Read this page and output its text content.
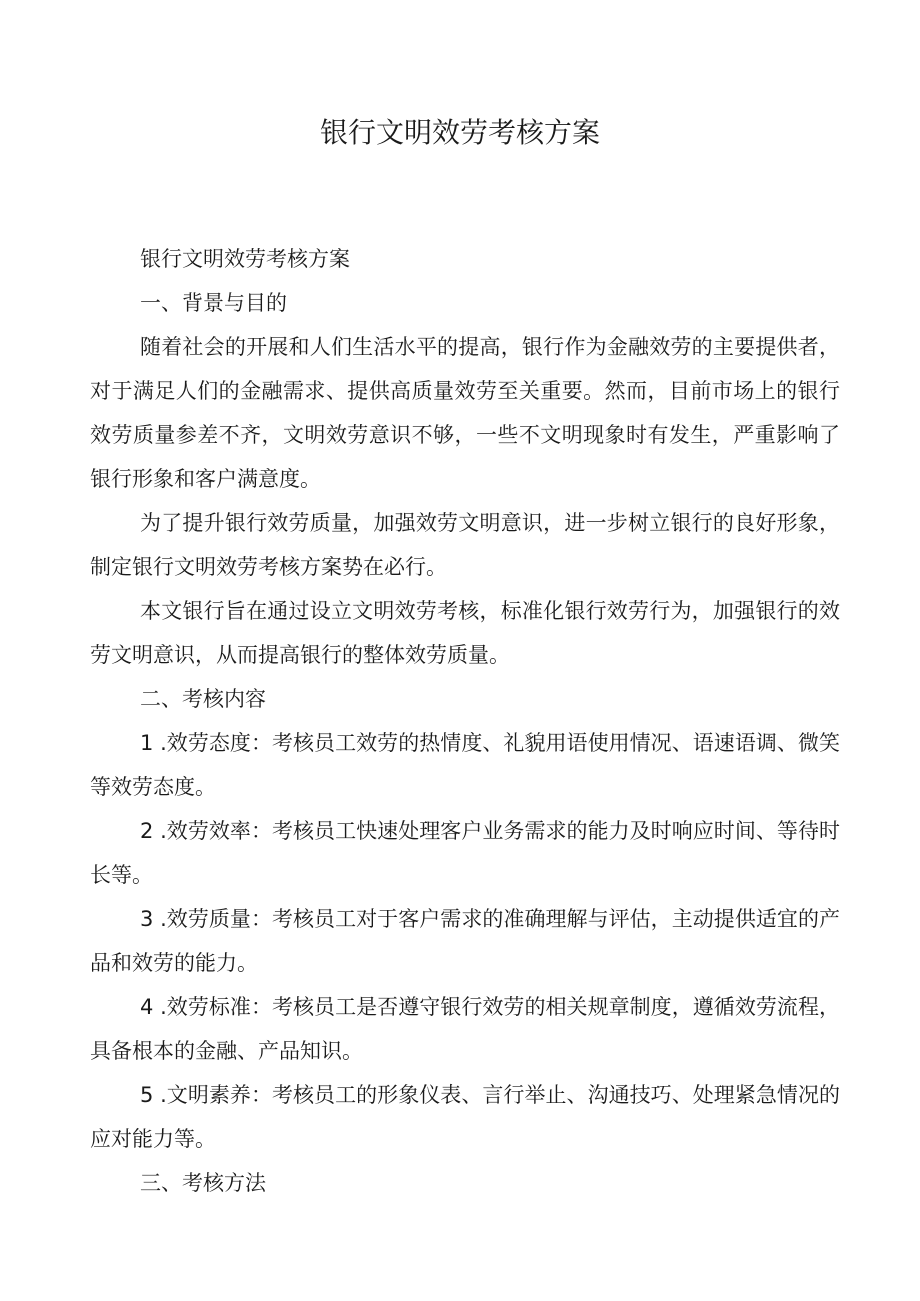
银行文明效劳考核方案

银行文明效劳考核方案

一、背景与目的

随着社会的开展和人们生活水平的提高，银行作为金融效劳的主要提供者，对于满足人们的金融需求、提供高质量效劳至关重要。然而，目前市场上的银行效劳质量参差不齐，文明效劳意识不够，一些不文明现象时有发生，严重影响了银行形象和客户满意度。

为了提升银行效劳质量，加强效劳文明意识，进一步树立银行的良好形象，制定银行文明效劳考核方案势在必行。

本文银行旨在通过设立文明效劳考核，标准化银行效劳行为，加强银行的效劳文明意识，从而提高银行的整体效劳质量。

二、考核内容

1 .效劳态度：考核员工效劳的热情度、礼貌用语使用情况、语速语调、微笑等效劳态度。

2 .效劳效率：考核员工快速处理客户业务需求的能力及时响应时间、等待时长等。

3 .效劳质量：考核员工对于客户需求的准确理解与评估，主动提供适宜的产品和效劳的能力。

4 .效劳标准：考核员工是否遵守银行效劳的相关规章制度，遵循效劳流程，具备根本的金融、产品知识。

5 .文明素养：考核员工的形象仪表、言行举止、沟通技巧、处理紧急情况的应对能力等。

三、考核方法
